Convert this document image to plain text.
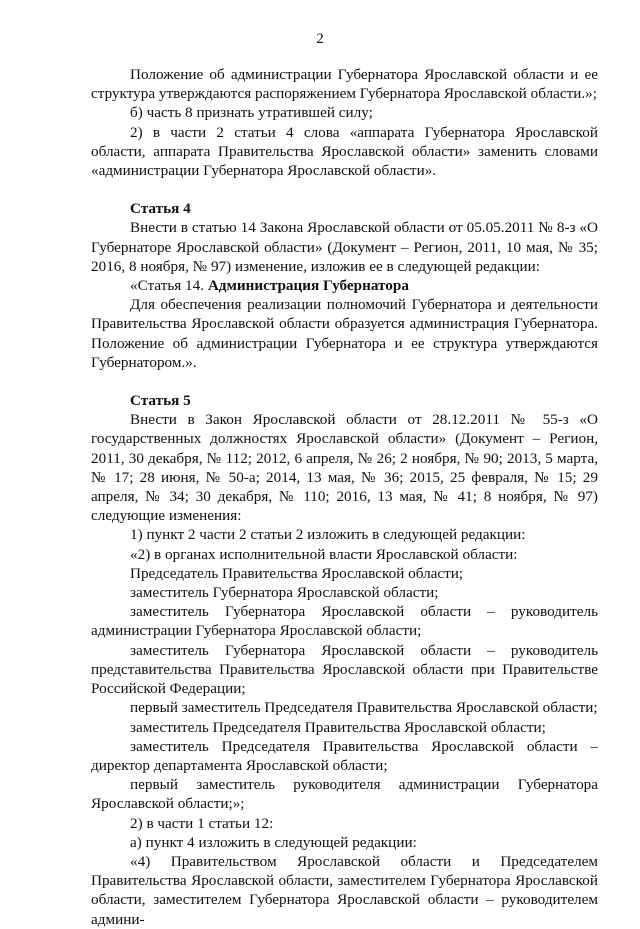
2

Положение об администрации Губернатора Ярославской области и ее структура утверждаются распоряжением Губернатора Ярославской области.»;

б) часть 8 признать утратившей силу;

2) в части 2 статьи 4 слова «аппарата Губернатора Ярославской области, аппарата Правительства Ярославской области» заменить словами «администрации Губернатора Ярославской области».

Статья 4

Внести в статью 14 Закона Ярославской области от 05.05.2011 № 8-з «О Губернаторе Ярославской области» (Документ – Регион, 2011, 10 мая, № 35; 2016, 8 ноября, № 97) изменение, изложив ее в следующей редакции:

«Статья 14. Администрация Губернатора

Для обеспечения реализации полномочий Губернатора и деятельности Правительства Ярославской области образуется администрация Губернатора. Положение об администрации Губернатора и ее структура утверждаются Губернатором.».

Статья 5

Внести в Закон Ярославской области от 28.12.2011 № 55-з «О государственных должностях Ярославской области» (Документ – Регион, 2011, 30 декабря, № 112; 2012, 6 апреля, № 26; 2 ноября, № 90; 2013, 5 марта, № 17; 28 июня, № 50-а; 2014, 13 мая, № 36; 2015, 25 февраля, № 15; 29 апреля, № 34; 30 декабря, № 110; 2016, 13 мая, № 41; 8 ноября, № 97) следующие изменения:

1) пункт 2 части 2 статьи 2 изложить в следующей редакции:

«2) в органах исполнительной власти Ярославской области:

Председатель Правительства Ярославской области;

заместитель Губернатора Ярославской области;

заместитель Губернатора Ярославской области – руководитель администрации Губернатора Ярославской области;

заместитель Губернатора Ярославской области – руководитель представительства Правительства Ярославской области при Правительстве Российской Федерации;

первый заместитель Председателя Правительства Ярославской области;

заместитель Председателя Правительства Ярославской области;

заместитель Председателя Правительства Ярославской области – директор департамента Ярославской области;

первый заместитель руководителя администрации Губернатора Ярославской области;»;

2) в части 1 статьи 12:

а) пункт 4 изложить в следующей редакции:

«4) Правительством Ярославской области и Председателем Правительства Ярославской области, заместителем Губернатора Ярославской области, заместителем Губернатора Ярославской области – руководителем админи-
